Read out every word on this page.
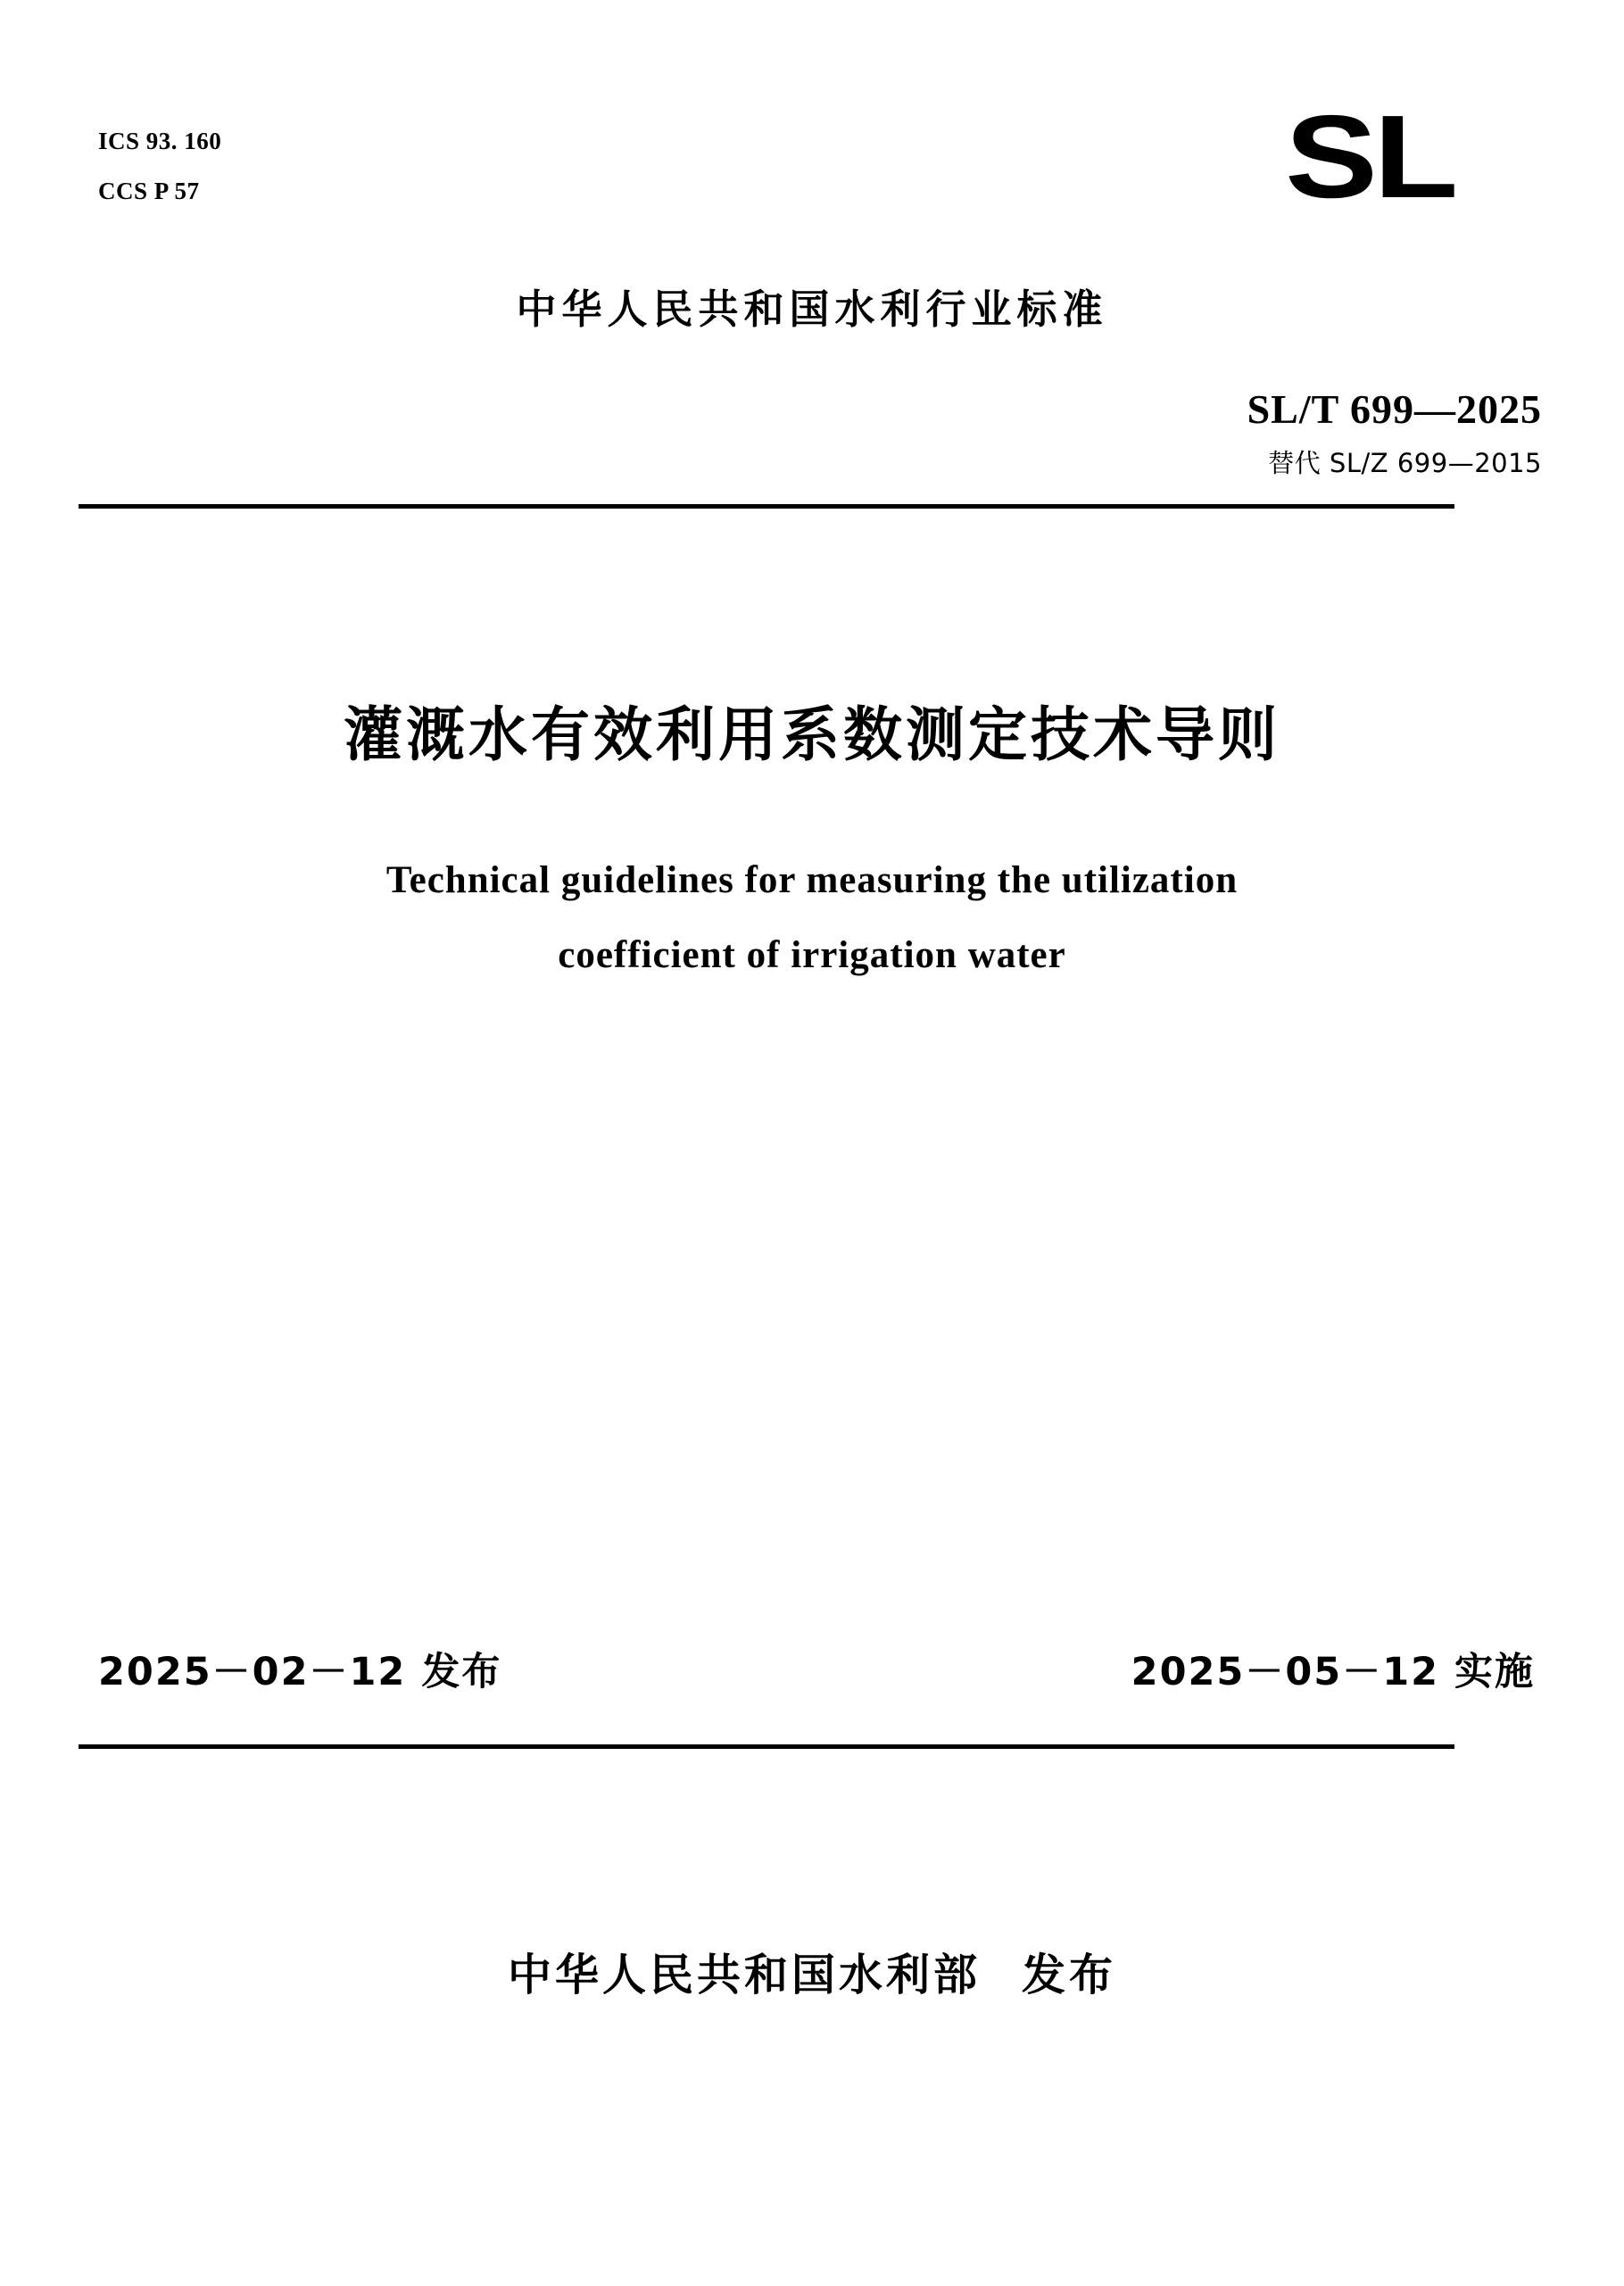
ICS 93. 160
CCS P 57	SL
中华人民共和国水利行业标准
SL/T 699—2025
替代 SL/Z 699—2015
灌溉水有效利用系数测定技术导则
Technical guidelines for measuring the utilization
coefficient of irrigation water
2025－02－12 发布	2025－05－12 实施
中华人民共和国水利部 发布
